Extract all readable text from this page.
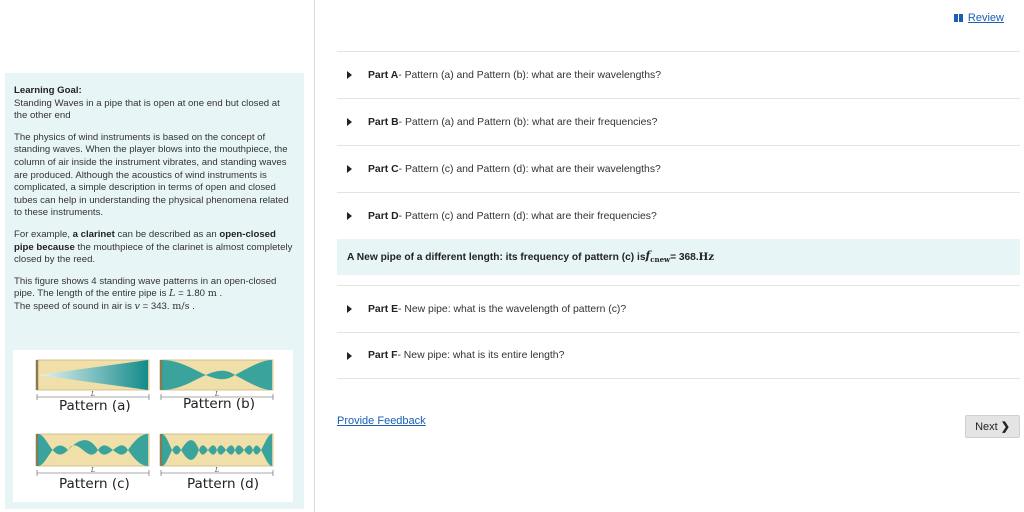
Learning Goal:
Standing Waves in a pipe that is open at one end but closed at the other end
The physics of wind instruments is based on the concept of standing waves. When the player blows into the mouthpiece, the column of air inside the instrument vibrates, and standing waves are produced. Although the acoustics of wind instruments is complicated, a simple description in terms of open and closed tubes can help in understanding the physical phenomena related to these instruments.
For example, a clarinet can be described as an open-closed pipe because the mouthpiece of the clarinet is almost completely closed by the reed.
This figure shows 4 standing wave patterns in an open-closed pipe. The length of the entire pipe is L = 1.80 m .
The speed of sound in air is v = 343. m/s .
L	L
L	L
Pattern (a)	Pattern (b)
Pattern (c)	Pattern (d)
Review
Part A - Pattern (a) and Pattern (b): what are their wavelengths?
Part B - Pattern (a) and Pattern (b): what are their frequencies?
Part C - Pattern (c) and Pattern (d): what are their wavelengths?
Part D - Pattern (c) and Pattern (d): what are their frequencies?
A New pipe of a different length: its frequency of pattern (c) is $f_{cnew} = 368$. Hz
Part E - New pipe: what is the wavelength of pattern (c)?
Part F - New pipe: what is its entire length?
Provide Feedback	Next ❯
